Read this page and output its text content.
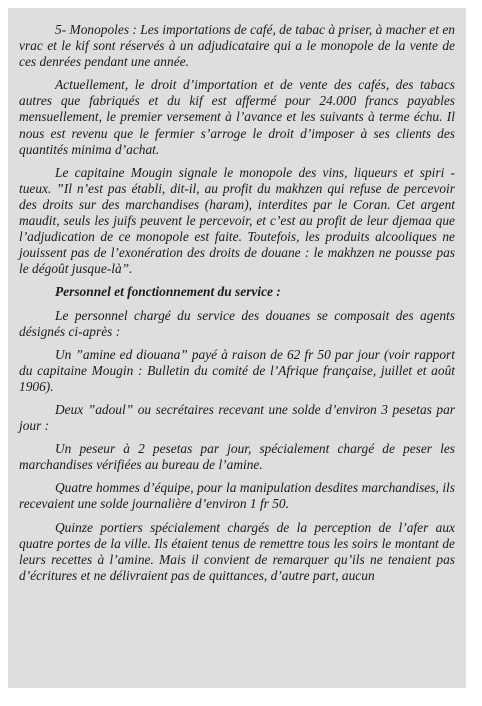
5- Monopoles : Les importations de café, de tabac à priser, à macher et en vrac et le kif sont réservés à un adjudicataire qui a le monopole de la vente de ces denrées pendant une année.

Actuellement, le droit d’importation et de vente des cafés, des tabacs autres que fabriqués et du kif est affermé pour 24.000 francs payables mensuellement, le premier versement à l’avance et les suivants à terme échu. Il nous est revenu que le fermier s’arroge le droit d’imposer à ses clients des quantités minima d’achat.

Le capitaine Mougin signale le monopole des vins, liqueurs et spiri - tueux. ”Il n’est pas établi, dit-il, au profit du makhzen qui refuse de percevoir des droits sur des marchandises (haram), interdites par le Coran. Cet argent maudit, seuls les juifs peuvent le percevoir, et c’est au profit de leur djemaa que l’adjudication de ce monopole est faite. Toutefois, les produits alcooliques ne jouissent pas de l’exonération des droits de douane : le makhzen ne pousse pas le dégoût jusque-là”.

Personnel et fonctionnement du service :

Le personnel chargé du service des douanes se composait des agents désignés ci-après :

Un ”amine ed diouana” payé à raison de 62 fr 50 par jour (voir rapport du capitaine Mougin : Bulletin du comité de l’Afrique française, juillet et août 1906).

Deux ”adoul” ou secrétaires recevant une solde d’environ 3 pesetas par jour :

Un peseur à 2 pesetas par jour, spécialement chargé de peser les marchandises vérifiées au bureau de l’amine.

Quatre hommes d’équipe, pour la manipulation desdites marchandises, ils recevaient une solde journalière d’environ 1 fr 50.

Quinze portiers spécialement chargés de la perception de l’afer aux quatre portes de la ville. Ils étaient tenus de remettre tous les soirs le montant de leurs recettes à l’amine. Mais il convient de remarquer qu’ils ne tenaient pas d’écritures et ne délivraient pas de quittances, d’autre part, aucun
